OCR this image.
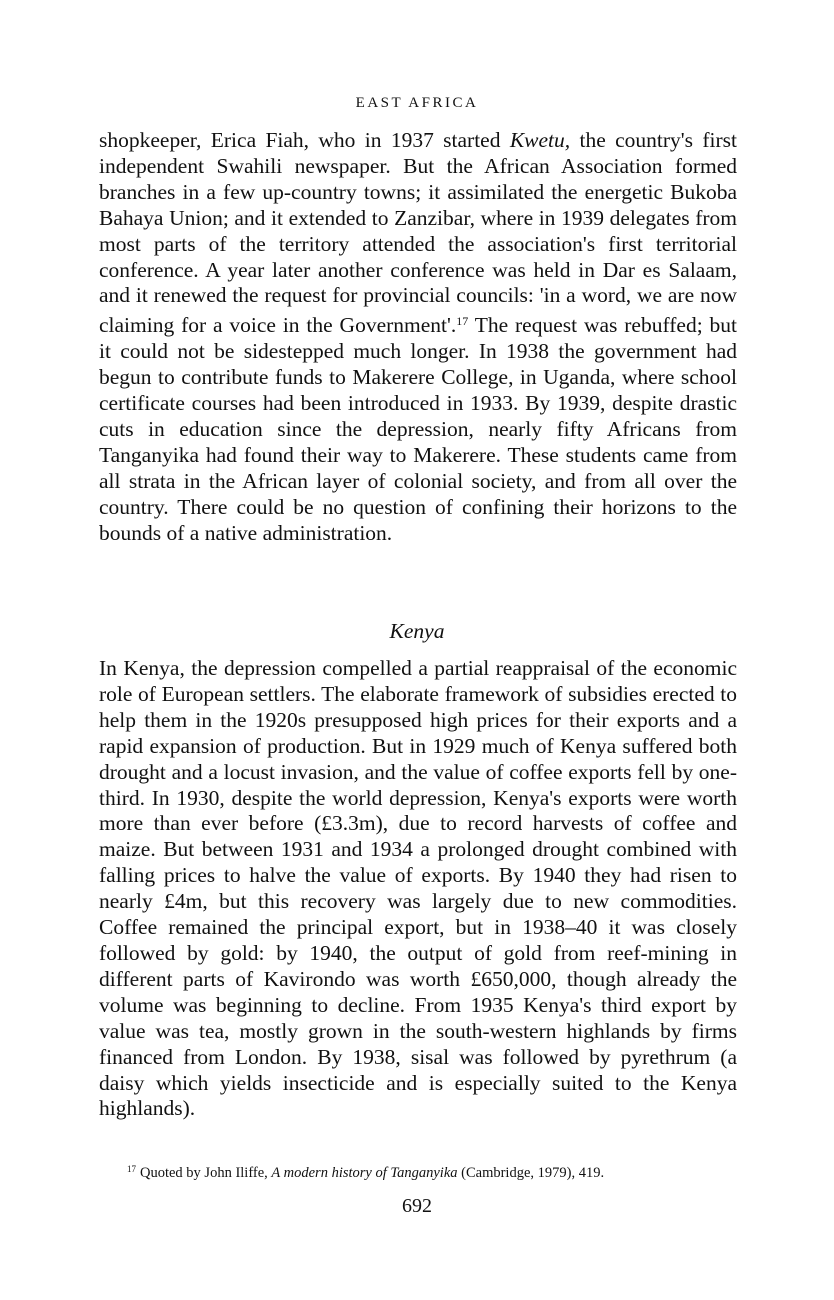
EAST AFRICA

shopkeeper, Erica Fiah, who in 1937 started Kwetu, the country's first independent Swahili newspaper. But the African Association formed branches in a few up-country towns; it assimilated the energetic Bukoba Bahaya Union; and it extended to Zanzibar, where in 1939 delegates from most parts of the territory attended the association's first territorial conference. A year later another conference was held in Dar es Salaam, and it renewed the request for provincial councils: 'in a word, we are now claiming for a voice in the Government'.$^{17}$ The request was rebuffed; but it could not be sidestepped much longer. In 1938 the government had begun to contribute funds to Makerere College, in Uganda, where school certificate courses had been introduced in 1933. By 1939, despite drastic cuts in education since the depression, nearly fifty Africans from Tanganyika had found their way to Makerere. These students came from all strata in the African layer of colonial society, and from all over the country. There could be no question of confining their horizons to the bounds of a native administration.

Kenya

In Kenya, the depression compelled a partial reappraisal of the economic role of European settlers. The elaborate framework of subsidies erected to help them in the 1920s presupposed high prices for their exports and a rapid expansion of production. But in 1929 much of Kenya suffered both drought and a locust invasion, and the value of coffee exports fell by one-third. In 1930, despite the world depression, Kenya's exports were worth more than ever before (£3.3m), due to record harvests of coffee and maize. But between 1931 and 1934 a prolonged drought combined with falling prices to halve the value of exports. By 1940 they had risen to nearly £4m, but this recovery was largely due to new commodities. Coffee remained the principal export, but in 1938–40 it was closely followed by gold: by 1940, the output of gold from reef-mining in different parts of Kavirondo was worth £650,000, though already the volume was beginning to decline. From 1935 Kenya's third export by value was tea, mostly grown in the south-western highlands by firms financed from London. By 1938, sisal was followed by pyrethrum (a daisy which yields insecticide and is especially suited to the Kenya highlands).

$^{17}$ Quoted by John Iliffe, A modern history of Tanganyika (Cambridge, 1979), 419.
692
